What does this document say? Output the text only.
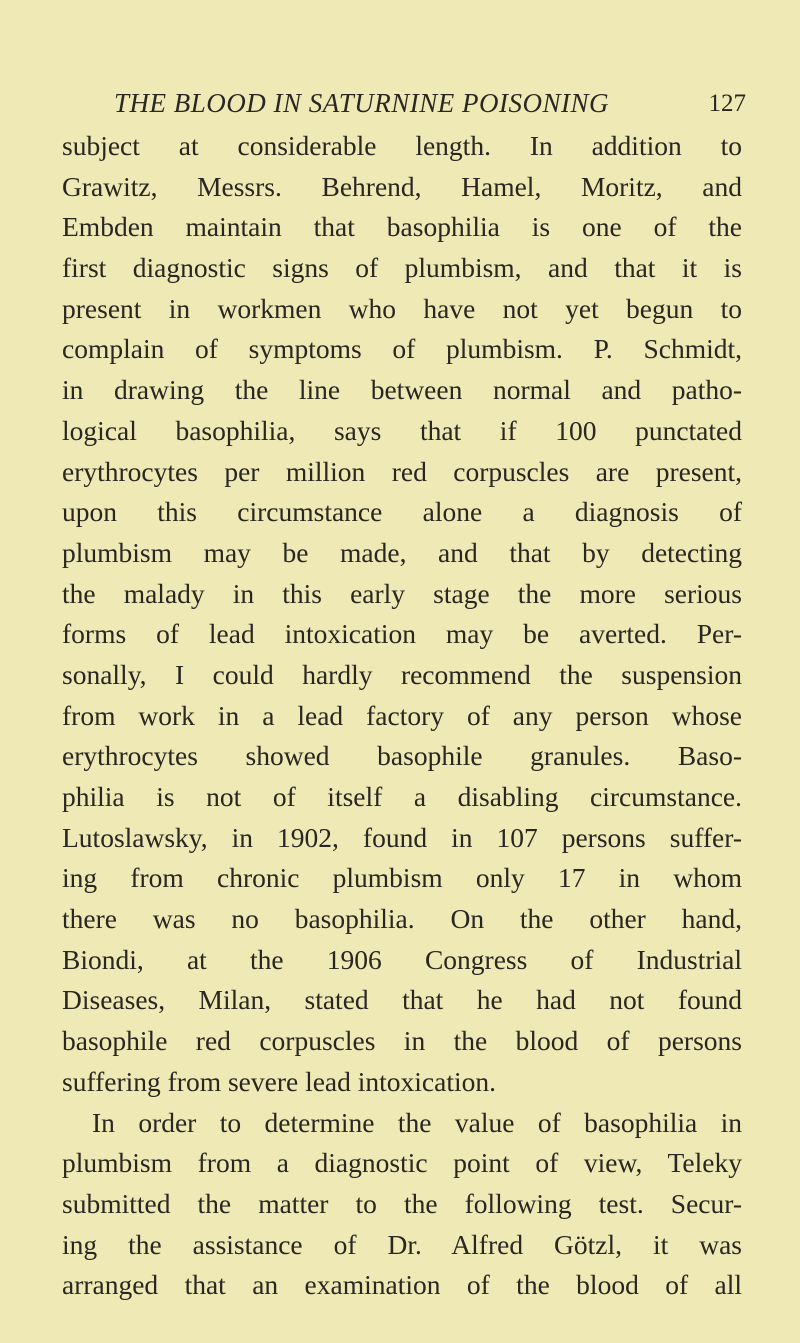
THE BLOOD IN SATURNINE POISONING	127
subject at considerable length. In addition to
Grawitz, Messrs. Behrend, Hamel, Moritz, and
Embden maintain that basophilia is one of the
first diagnostic signs of plumbism, and that it is
present in workmen who have not yet begun to
complain of symptoms of plumbism. P. Schmidt,
in drawing the line between normal and patho-
logical basophilia, says that if 100 punctated
erythrocytes per million red corpuscles are present,
upon this circumstance alone a diagnosis of
plumbism may be made, and that by detecting
the malady in this early stage the more serious
forms of lead intoxication may be averted. Per-
sonally, I could hardly recommend the suspension
from work in a lead factory of any person whose
erythrocytes showed basophile granules. Baso-
philia is not of itself a disabling circumstance.
Lutoslawsky, in 1902, found in 107 persons suffer-
ing from chronic plumbism only 17 in whom
there was no basophilia. On the other hand,
Biondi, at the 1906 Congress of Industrial
Diseases, Milan, stated that he had not found
basophile red corpuscles in the blood of persons
suffering from severe lead intoxication.
In order to determine the value of basophilia in
plumbism from a diagnostic point of view, Teleky
submitted the matter to the following test. Secur-
ing the assistance of Dr. Alfred Götzl, it was
arranged that an examination of the blood of all
